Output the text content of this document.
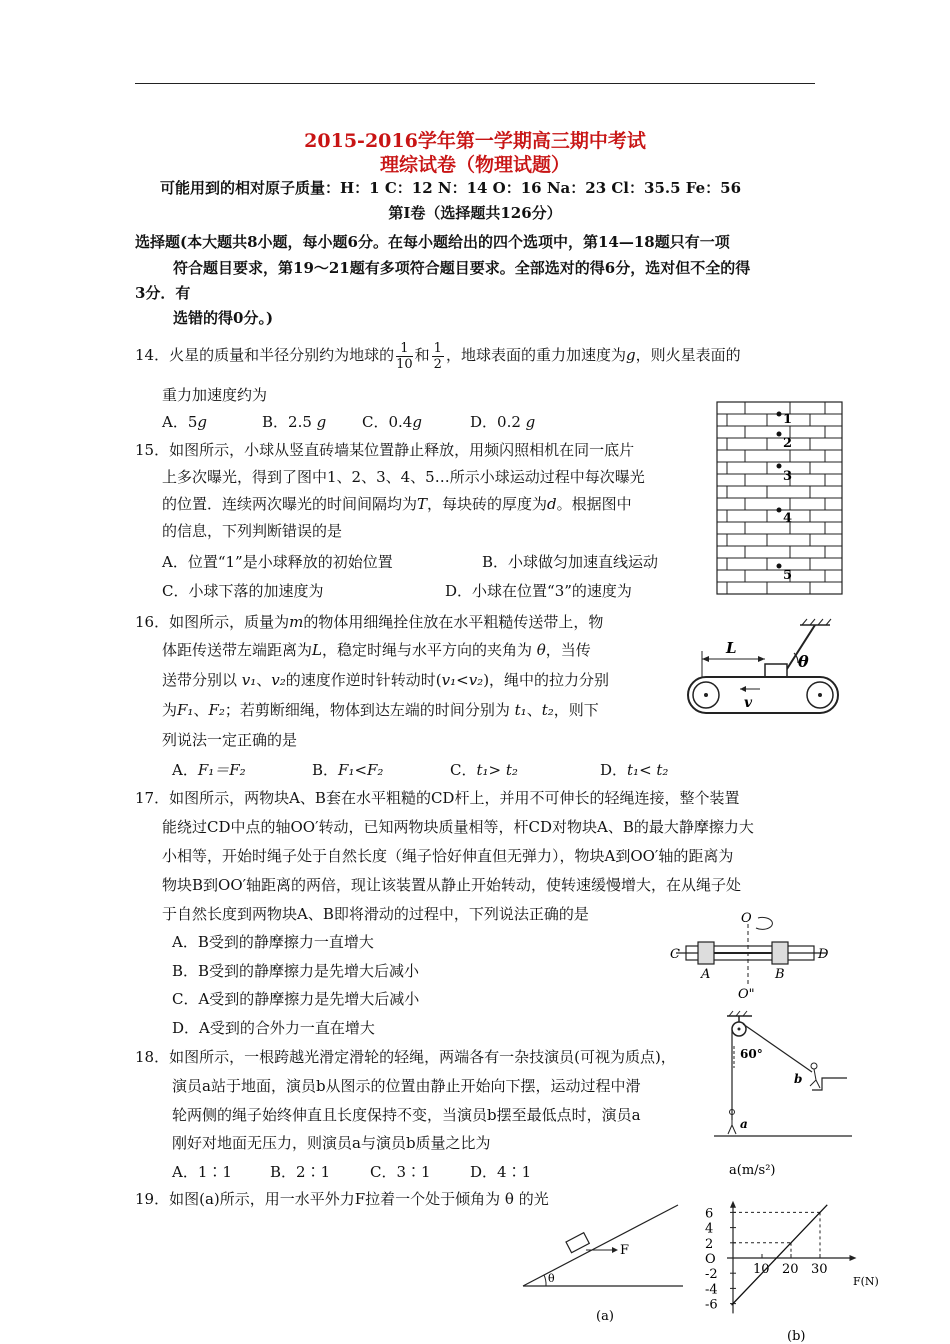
2015-2016学年第一学期高三期中考试
理综试卷（物理试题）
可能用到的相对原子质量：H：1 C：12 N：14 O：16 Na：23 Cl：35.5 Fe：56
第Ⅰ卷（选择题共126分）
选择题(本大题共8小题，每小题6分。在每小题给出的四个选项中，第14—18题只有一项
符合题目要求，第19～21题有多项符合题目要求。全部选对的得6分，选对但不全的得
3分．有
选错的得0分。)
14．火星的质量和半径分别约为地球的 $\frac{1}{10}$ 和 $\frac{1}{2}$ ，地球表面的重力加速度为g，则火星表面的
重力加速度约为
A．5g	B．2.5 g C．0.4g	D．0.2 g
15．如图所示，小球从竖直砖墙某位置静止释放，用频闪照相机在同一底片
上多次曝光，得到了图中1、2、3、4、5…所示小球运动过程中每次曝光
的位置．连续两次曝光的时间间隔均为T，每块砖的厚度为d。根据图中
的信息，下列判断错误的是
A．位置“1”是小球释放的初始位置	B．小球做匀加速直线运动
C．小球下落的加速度为	D．小球在位置“3”的速度为
1
2
3
4
5
16．如图所示，质量为m的物体用细绳拴住放在水平粗糙传送带上，物
体距传送带左端距离为L，稳定时绳与水平方向的夹角为 θ，当传
送带分别以 v₁、v₂的速度作逆时针转动时(v₁<v₂)，绳中的拉力分别
为F₁、F₂；若剪断细绳，物体到达左端的时间分别为 t₁、t₂，则下
列说法一定正确的是
A．F₁＝F₂	B．F₁<F₂	C．t₁> t₂	D．t₁< t₂
θ
L
v
17．如图所示，两物块A、B套在水平粗糙的CD杆上，并用不可伸长的轻绳连接，整个装置
能绕过CD中点的轴OO′转动，已知两物块质量相等，杆CD对物块A、B的最大静摩擦力大
小相等，开始时绳子处于自然长度（绳子恰好伸直但无弹力），物块A到OO′轴的距离为
物块B到OO′轴距离的两倍，现让该装置从静止开始转动，使转速缓慢增大，在从绳子处
于自然长度到两物块A、B即将滑动的过程中，下列说法正确的是
A．B受到的静摩擦力一直增大
B．B受到的静摩擦力是先增大后减小
C．A受到的静摩擦力是先增大后减小
D．A受到的合外力一直在增大
O
C	D
A	B
O"
18．如图所示，一根跨越光滑定滑轮的轻绳，两端各有一杂技演员(可视为质点)，
演员a站于地面，演员b从图示的位置由静止开始向下摆，运动过程中滑
轮两侧的绳子始终伸直且长度保持不变，当演员b摆至最低点时，演员a
刚好对地面无压力，则演员a与演员b质量之比为
A．1∶1	B．2∶1	C．3∶1	D．4∶1
60°
b
a
19．如图(a)所示，用一水平外力F拉着一个处于倾角为 θ 的光
θ
F
(a)
a(m/s²)
F(N)
(b)
6
4
2
O
-2
-4
-6
10 20 30
